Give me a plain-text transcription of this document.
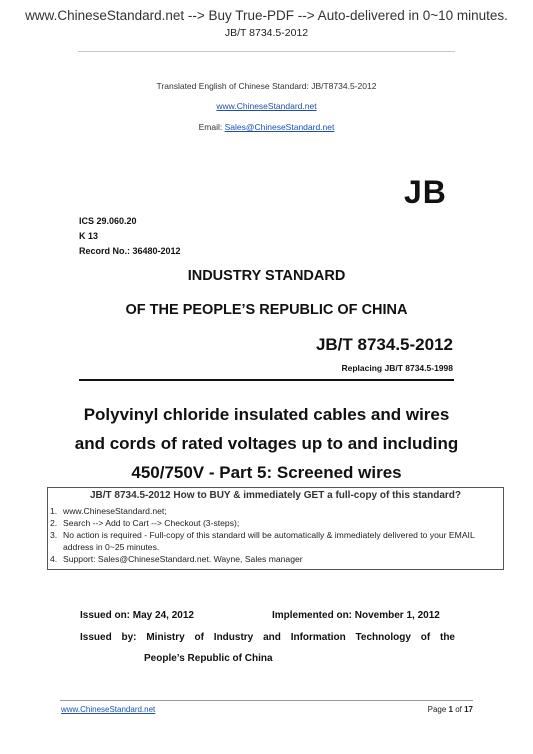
www.ChineseStandard.net --> Buy True-PDF --> Auto-delivered in 0~10 minutes.
JB/T 8734.5-2012
Translated English of Chinese Standard: JB/T8734.5-2012
www.ChineseStandard.net
Email: Sales@ChineseStandard.net
JB
ICS 29.060.20
K 13
Record No.: 36480-2012
INDUSTRY STANDARD
OF THE PEOPLE’S REPUBLIC OF CHINA
JB/T 8734.5-2012
Replacing JB/T 8734.5-1998
Polyvinyl chloride insulated cables and wires
and cords of rated voltages up to and including
450/750V - Part 5: Screened wires
JB/T 8734.5-2012 How to BUY & immediately GET a full-copy of this standard?
1. www.ChineseStandard.net;
2. Search --> Add to Cart --> Checkout (3-steps);
3. No action is required - Full-copy of this standard will be automatically & immediately delivered to your EMAIL address in 0~25 minutes.
4. Support: Sales@ChineseStandard.net. Wayne, Sales manager
Issued on: May 24, 2012	Implemented on: November 1, 2012
Issued by: Ministry of Industry and Information Technology of the
People’s Republic of China
www.ChineseStandard.net	Page 1 of 17
